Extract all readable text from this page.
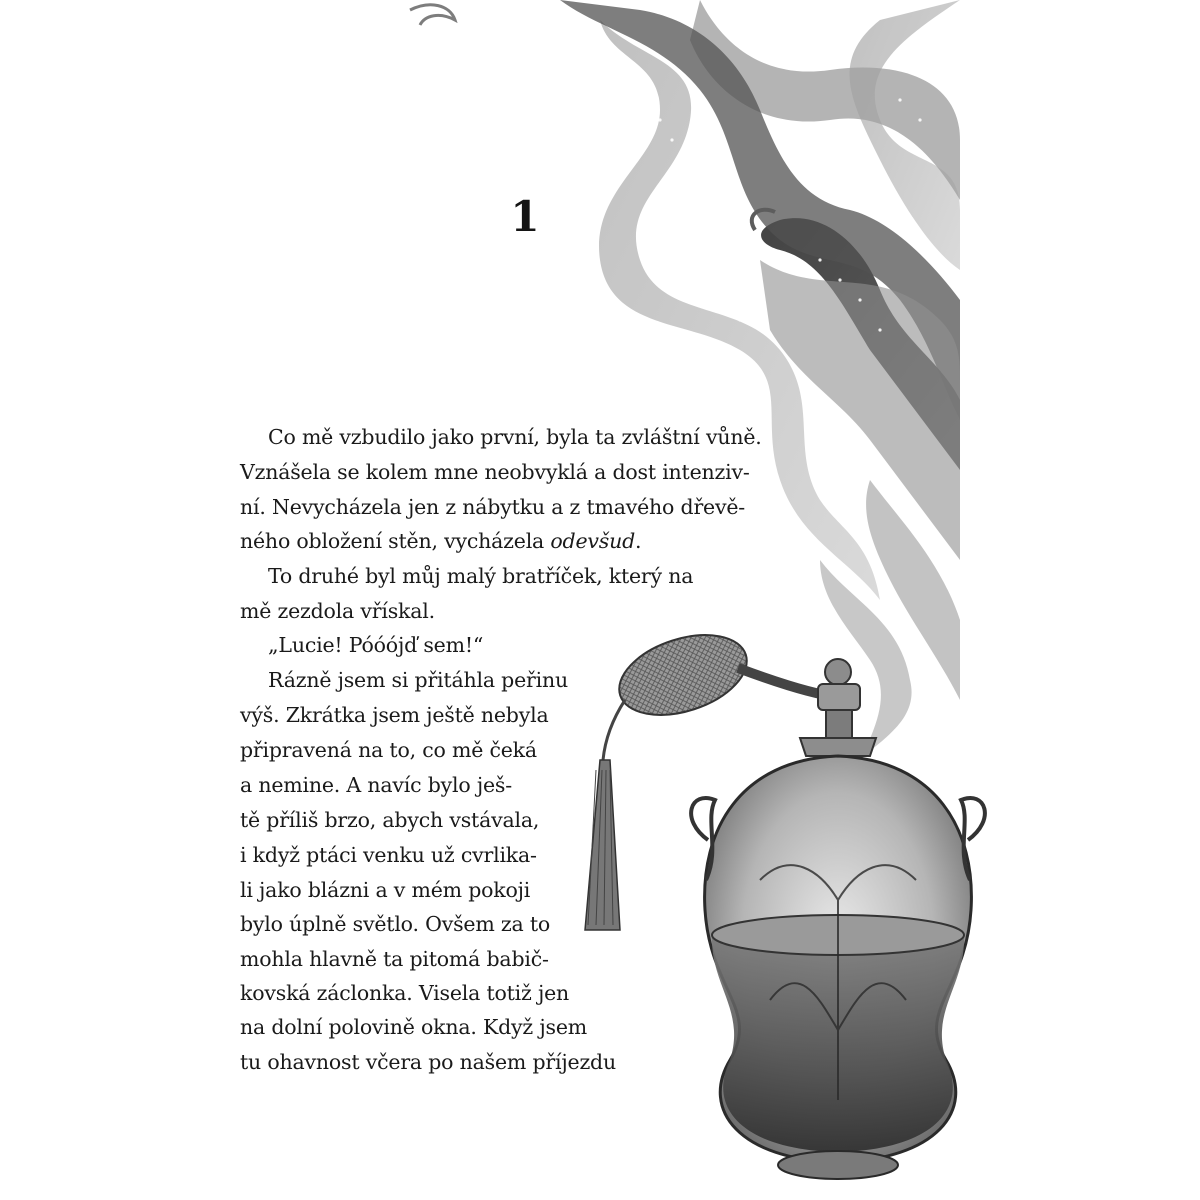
1
Co mě vzbudilo jako první, byla ta zvláštní vůně.
Vznášela se kolem mne neobvyklá a dost intenziv-
ní. Nevycházela jen z nábytku a z tmavého dřevě-
ného obložení stěn, vycházela odevšud.
To druhé byl můj malý bratříček, který na
mě zezdola vřískal.
„Lucie! Póóójď sem!“
Rázně jsem si přitáhla peřinu
výš. Zkrátka jsem ještě nebyla
připravená na to, co mě čeká
a nemine. A navíc bylo ješ-
tě příliš brzo, abych vstávala,
i když ptáci venku už cvrlika-
li jako blázni a v mém pokoji
bylo úplně světlo. Ovšem za to
mohla hlavně ta pitomá babič-
kovská záclonka. Visela totiž jen
na dolní polovině okna. Když jsem
tu ohavnost včera po našem příjezdu
